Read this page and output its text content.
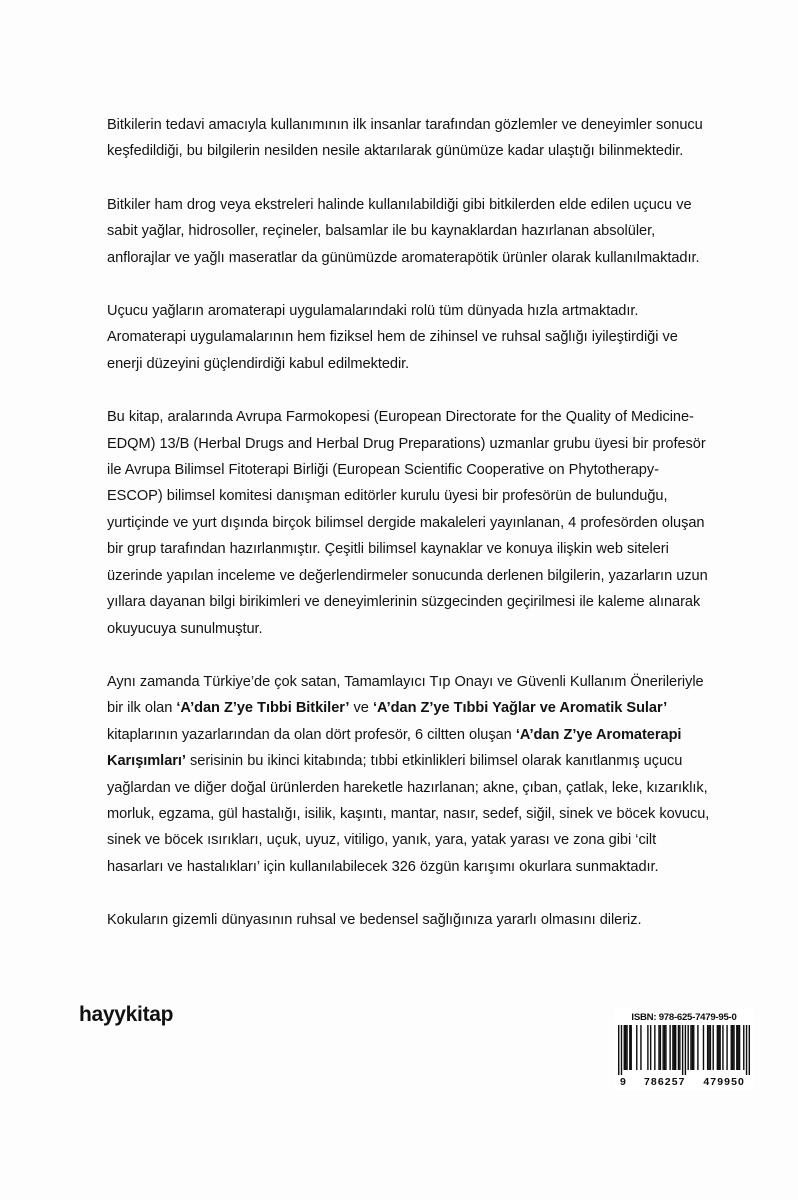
Bitkilerin tedavi amacıyla kullanımının ilk insanlar tarafından gözlemler ve deneyimler sonucu keşfedildiği, bu bilgilerin nesilden nesile aktarılarak günümüze kadar ulaştığı bilinmektedir.

Bitkiler ham drog veya ekstreleri halinde kullanılabildiği gibi bitkilerden elde edilen uçucu ve sabit yağlar, hidrosoller, reçineler, balsamlar ile bu kaynaklardan hazırlanan absolüler, anflorajlar ve yağlı maseratlar da günümüzde aromaterapötik ürünler olarak kullanılmaktadır.

Uçucu yağların aromaterapi uygulamalarındaki rolü tüm dünyada hızla artmaktadır. Aromaterapi uygulamalarının hem fiziksel hem de zihinsel ve ruhsal sağlığı iyileştirdiği ve enerji düzeyini güçlendirdiği kabul edilmektedir.

Bu kitap, aralarında Avrupa Farmokopesi (European Directorate for the Quality of Medicine-EDQM) 13/B (Herbal Drugs and Herbal Drug Preparations) uzmanlar grubu üyesi bir profesör ile Avrupa Bilimsel Fitoterapi Birliği (European Scientific Cooperative on Phytotherapy-ESCOP) bilimsel komitesi danışman editörler kurulu üyesi bir profesörün de bulunduğu, yurtiçinde ve yurt dışında birçok bilimsel dergide makaleleri yayınlanan, 4 profesörden oluşan bir grup tarafından hazırlanmıştır. Çeşitli bilimsel kaynaklar ve konuya ilişkin web siteleri üzerinde yapılan inceleme ve değerlendirmeler sonucunda derlenen bilgilerin, yazarların uzun yıllara dayanan bilgi birikimleri ve deneyimlerinin süzgecinden geçirilmesi ile kaleme alınarak okuyucuya sunulmuştur.

Aynı zamanda Türkiye’de çok satan, Tamamlayıcı Tıp Onayı ve Güvenli Kullanım Önerileriyle bir ilk olan ‘A’dan Z’ye Tıbbi Bitkiler’ ve ‘A’dan Z’ye Tıbbi Yağlar ve Aromatik Sular’ kitaplarının yazarlarından da olan dört profesör, 6 ciltten oluşan ‘A’dan Z’ye Aromaterapi Karışımları’ serisinin bu ikinci kitabında; tıbbi etkinlikleri bilimsel olarak kanıtlanmış uçucu yağlardan ve diğer doğal ürünlerden hareketle hazırlanan; akne, çıban, çatlak, leke, kızarıklık, morluk, egzama, gül hastalığı, isilik, kaşıntı, mantar, nasır, sedef, siğil, sinek ve böcek kovucu, sinek ve böcek ısırıkları, uçuk, uyuz, vitiligo, yanık, yara, yatak yarası ve zona gibi ‘cilt hasarları ve hastalıkları’ için kullanılabilecek 326 özgün karışımı okurlara sunmaktadır.

Kokuların gizemli dünyasının ruhsal ve bedensel sağlığınıza yararlı olmasını dileriz.

hayykitap	ISBN: 978-625-7479-95-0
9 786257 479950
